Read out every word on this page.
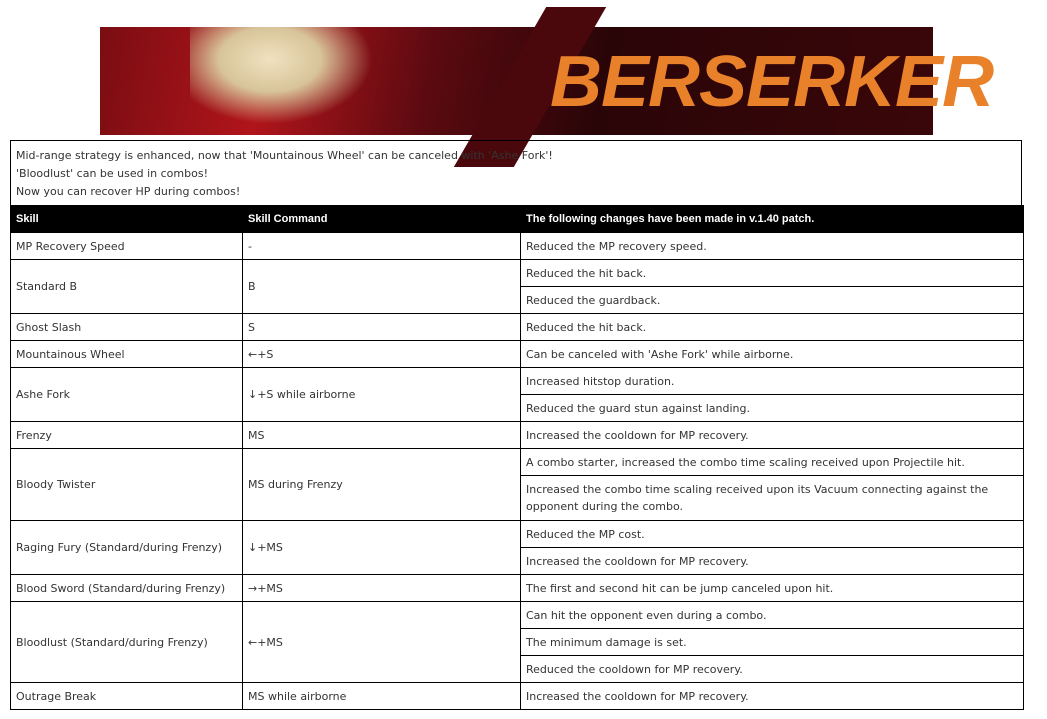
BERSERKER
Mid-range strategy is enhanced, now that 'Mountainous Wheel' can be canceled with 'Ashe Fork'!
'Bloodlust' can be used in combos!
Now you can recover HP during combos!
Skill	Skill Command	The following changes have been made in v.1.40 patch.
MP Recovery Speed	-	Reduced the MP recovery speed.
Standard B	B	Reduced the hit back.
		Reduced the guardback.
Ghost Slash	S	Reduced the hit back.
Mountainous Wheel	←+S	Can be canceled with 'Ashe Fork' while airborne.
Ashe Fork	↓+S while airborne	Increased hitstop duration.
		Reduced the guard stun against landing.
Frenzy	MS	Increased the cooldown for MP recovery.
Bloody Twister	MS during Frenzy	A combo starter, increased the combo time scaling received upon Projectile hit.
		Increased the combo time scaling received upon its Vacuum connecting against the opponent during the combo.
Raging Fury (Standard/during Frenzy)	↓+MS	Reduced the MP cost.
		Increased the cooldown for MP recovery.
Blood Sword (Standard/during Frenzy)	→+MS	The first and second hit can be jump canceled upon hit.
Bloodlust (Standard/during Frenzy)	←+MS	Can hit the opponent even during a combo.
		The minimum damage is set.
		Reduced the cooldown for MP recovery.
Outrage Break	MS while airborne	Increased the cooldown for MP recovery.
